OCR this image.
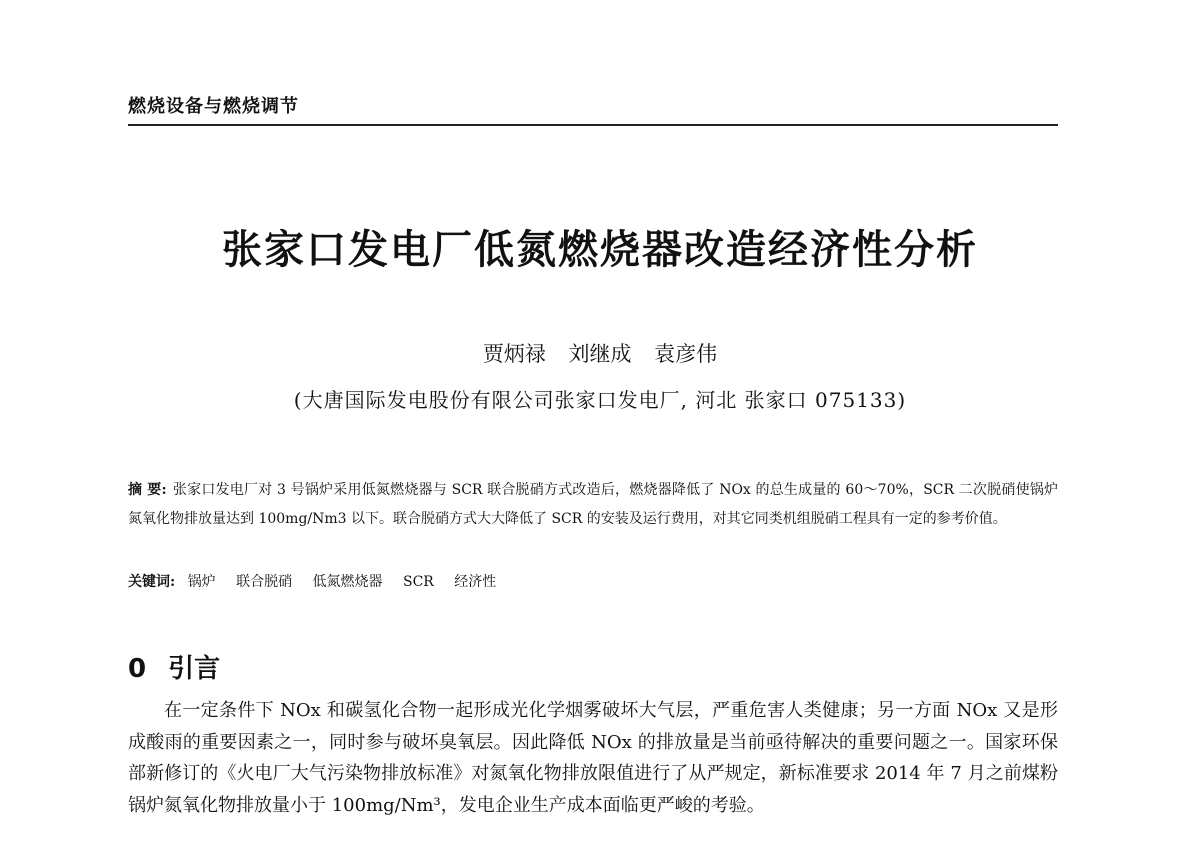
燃烧设备与燃烧调节
张家口发电厂低氮燃烧器改造经济性分析
贾炳禄 刘继成 袁彦伟
(大唐国际发电股份有限公司张家口发电厂, 河北 张家口 075133)
摘 要: 张家口发电厂对 3 号锅炉采用低氮燃烧器与 SCR 联合脱硝方式改造后，燃烧器降低了 NOx 的总生成量的 60～70%，SCR 二次脱硝使锅炉氮氧化物排放量达到 100mg/Nm3 以下。联合脱硝方式大大降低了 SCR 的安装及运行费用，对其它同类机组脱硝工程具有一定的参考价值。
关键词: 锅炉 联合脱硝 低氮燃烧器 SCR 经济性
0 引言
在一定条件下 NOx 和碳氢化合物一起形成光化学烟雾破坏大气层，严重危害人类健康；另一方面 NOx 又是形成酸雨的重要因素之一，同时参与破坏臭氧层。因此降低 NOx 的排放量是当前亟待解决的重要问题之一。国家环保部新修订的《火电厂大气污染物排放标准》对氮氧化物排放限值进行了从严规定，新标准要求 2014 年 7 月之前煤粉锅炉氮氧化物排放量小于 100mg/Nm³，发电企业生产成本面临更严峻的考验。
